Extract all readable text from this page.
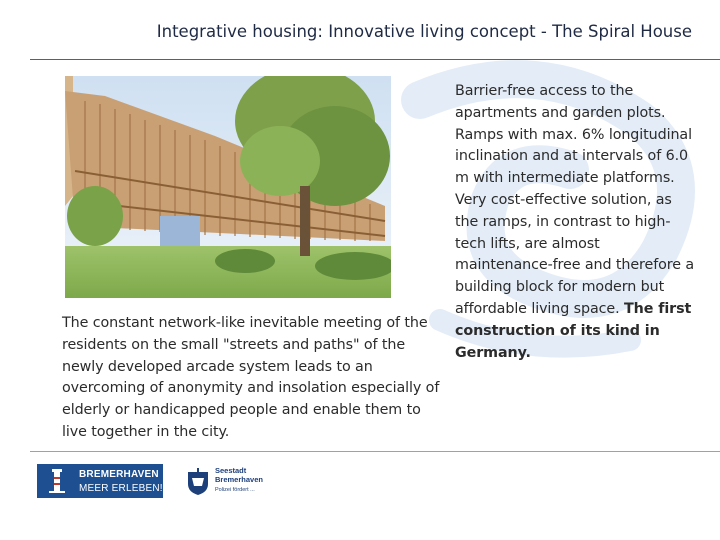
Integrative housing: Innovative living concept - The Spiral House
The constant network-like inevitable meeting of the residents on the small "streets and paths" of the newly developed arcade system leads to an overcoming of anonymity and insolation especially of elderly or handicapped people and enable them to live together in the city.
Barrier-free access to the apartments and garden plots. Ramps with max. 6% longitudinal inclination and at intervals of 6.0 m with intermediate platforms. Very cost-effective solution, as the ramps, in contrast to high-tech lifts, are almost maintenance-free and therefore a building block for modern but affordable living space. The first construction of its kind in Germany.
BREMERHAVEN
MEER ERLEBEN!
Seestadt
Bremerhaven
Polizei fördert ...
